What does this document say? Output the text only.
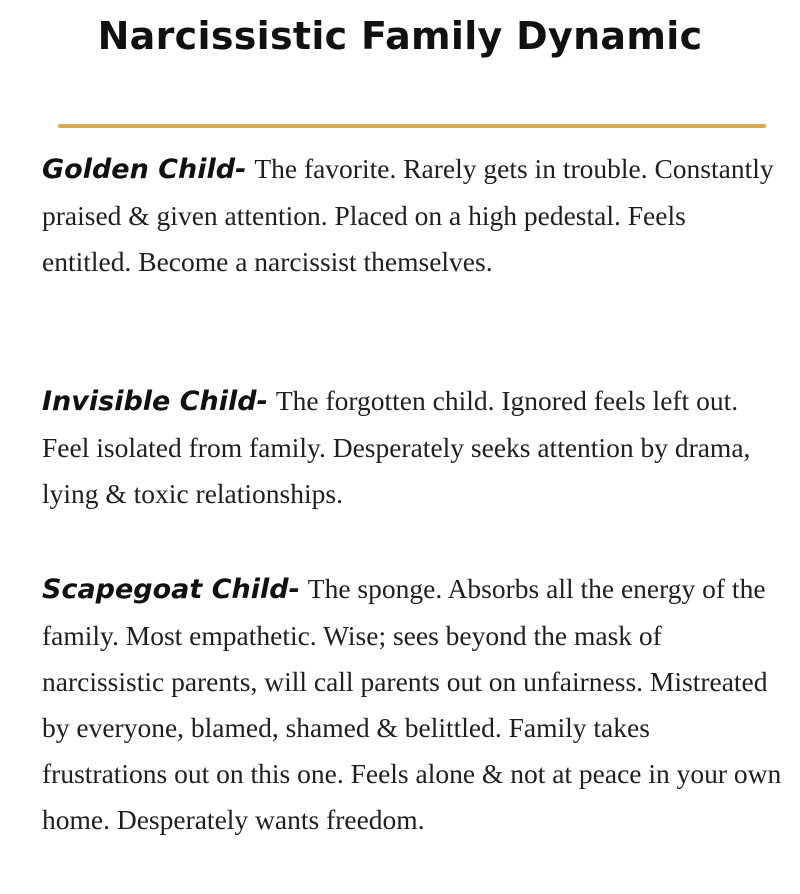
Narcissistic Family Dynamic

Golden Child- The favorite. Rarely gets in trouble. Constantly praised & given attention. Placed on a high pedestal. Feels entitled. Become a narcissist themselves.

Invisible Child- The forgotten child. Ignored feels left out. Feel isolated from family. Desperately seeks attention by drama, lying & toxic relationships.

Scapegoat Child- The sponge. Absorbs all the energy of the family. Most empathetic. Wise; sees beyond the mask of narcissistic parents, will call parents out on unfairness. Mistreated by everyone, blamed, shamed & belittled. Family takes frustrations out on this one. Feels alone & not at peace in your own home. Desperately wants freedom.
